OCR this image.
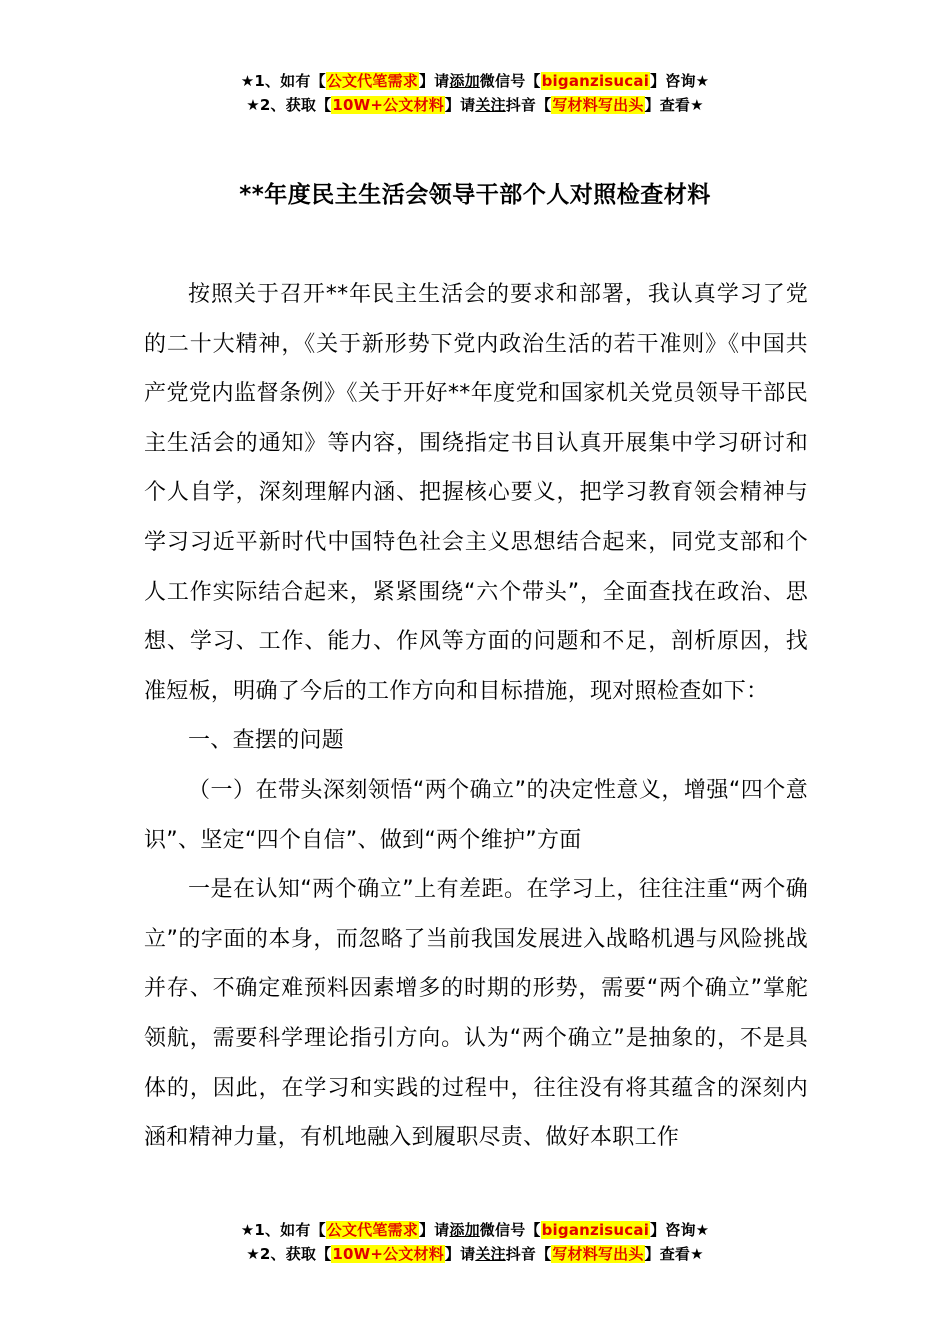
★1、如有【公文代笔需求】请添加微信号【biganzisucai】咨询★
★2、获取【10W+公文材料】请关注抖音【写材料写出头】查看★
**年度民主生活会领导干部个人对照检查材料

按照关于召开**年民主生活会的要求和部署，我认真学习了党的二十大精神，《关于新形势下党内政治生活的若干准则》《中国共产党党内监督条例》《关于开好**年度党和国家机关党员领导干部民主生活会的通知》等内容，围绕指定书目认真开展集中学习研讨和个人自学，深刻理解内涵、把握核心要义，把学习教育领会精神与学习习近平新时代中国特色社会主义思想结合起来，同党支部和个人工作实际结合起来，紧紧围绕“六个带头”，全面查找在政治、思想、学习、工作、能力、作风等方面的问题和不足，剖析原因，找准短板，明确了今后的工作方向和目标措施，现对照检查如下：

一、查摆的问题

（一）在带头深刻领悟“两个确立”的决定性意义，增强“四个意识”、坚定“四个自信”、做到“两个维护”方面

一是在认知“两个确立”上有差距。在学习上，往往注重“两个确立”的字面的本身，而忽略了当前我国发展进入战略机遇与风险挑战并存、不确定难预料因素增多的时期的形势，需要“两个确立”掌舵领航，需要科学理论指引方向。认为“两个确立”是抽象的，不是具体的，因此，在学习和实践的过程中，往往没有将其蕴含的深刻内涵和精神力量，有机地融入到履职尽责、做好本职工作

★1、如有【公文代笔需求】请添加微信号【biganzisucai】咨询★
★2、获取【10W+公文材料】请关注抖音【写材料写出头】查看★
